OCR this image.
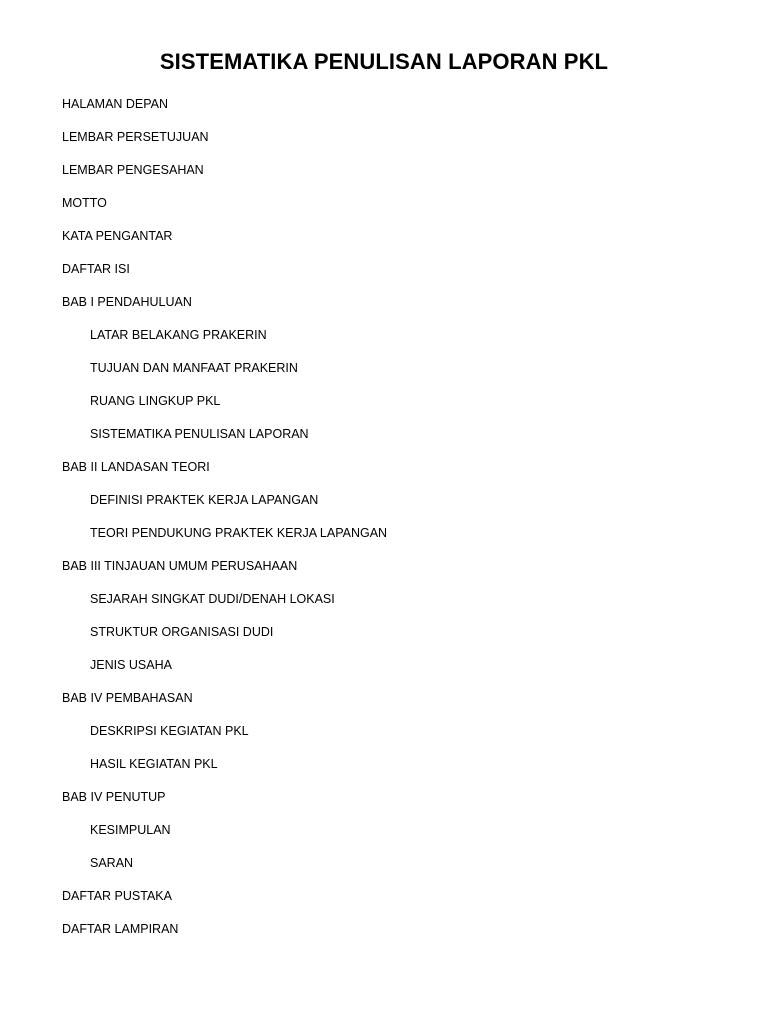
SISTEMATIKA PENULISAN LAPORAN PKL
HALAMAN DEPAN
LEMBAR PERSETUJUAN
LEMBAR PENGESAHAN
MOTTO
KATA PENGANTAR
DAFTAR ISI
BAB I PENDAHULUAN
LATAR BELAKANG PRAKERIN
TUJUAN DAN MANFAAT PRAKERIN
RUANG LINGKUP PKL
SISTEMATIKA PENULISAN LAPORAN
BAB II LANDASAN TEORI
DEFINISI PRAKTEK KERJA LAPANGAN
TEORI PENDUKUNG PRAKTEK KERJA LAPANGAN
BAB III TINJAUAN UMUM PERUSAHAAN
SEJARAH SINGKAT DUDI/DENAH LOKASI
STRUKTUR ORGANISASI DUDI
JENIS USAHA
BAB IV PEMBAHASAN
DESKRIPSI KEGIATAN PKL
HASIL KEGIATAN PKL
BAB IV PENUTUP
KESIMPULAN
SARAN
DAFTAR PUSTAKA
DAFTAR LAMPIRAN
